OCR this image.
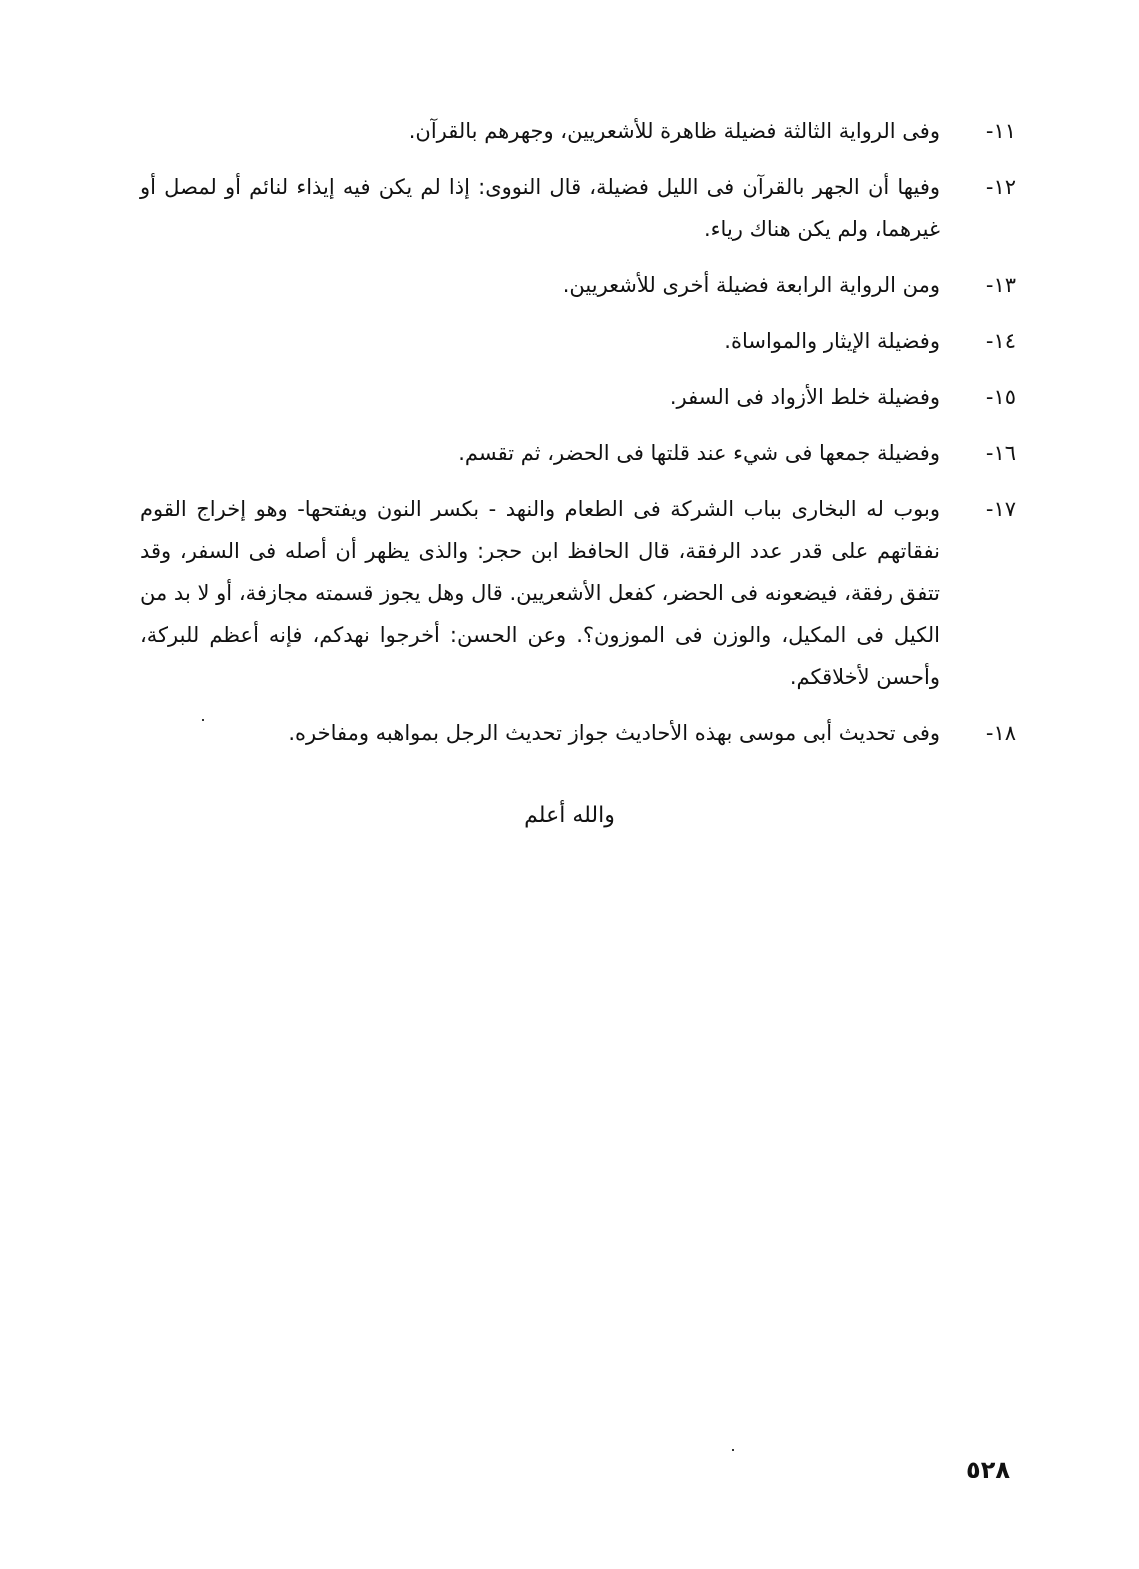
١١-
وفى الرواية الثالثة فضيلة ظاهرة للأشعريين، وجهرهم بالقرآن.
١٢-
وفيها أن الجهر بالقرآن فى الليل فضيلة، قال النووى: إذا لم يكن فيه إيذاء لنائم أو لمصل أو غيرهما، ولم يكن هناك رياء.
١٣-
ومن الرواية الرابعة فضيلة أخرى للأشعريين.
١٤-
وفضيلة الإيثار والمواساة.
١٥-
وفضيلة خلط الأزواد فى السفر.
١٦-
وفضيلة جمعها فى شيء عند قلتها فى الحضر، ثم تقسم.
١٧-
وبوب له البخارى بباب الشركة فى الطعام والنهد - بكسر النون ويفتحها- وهو إخراج القوم نفقاتهم على قدر عدد الرفقة، قال الحافظ ابن حجر: والذى يظهر أن أصله فى السفر، وقد تتفق رفقة، فيضعونه فى الحضر، كفعل الأشعريين. قال وهل يجوز قسمته مجازفة، أو لا بد من الكيل فى المكيل، والوزن فى الموزون؟. وعن الحسن: أخرجوا نهدكم، فإنه أعظم للبركة، وأحسن لأخلاقكم.
١٨-
وفى تحديث أبى موسى بهذه الأحاديث جواز تحديث الرجل بمواهبه ومفاخره.
والله أعلم
٥٢٨
